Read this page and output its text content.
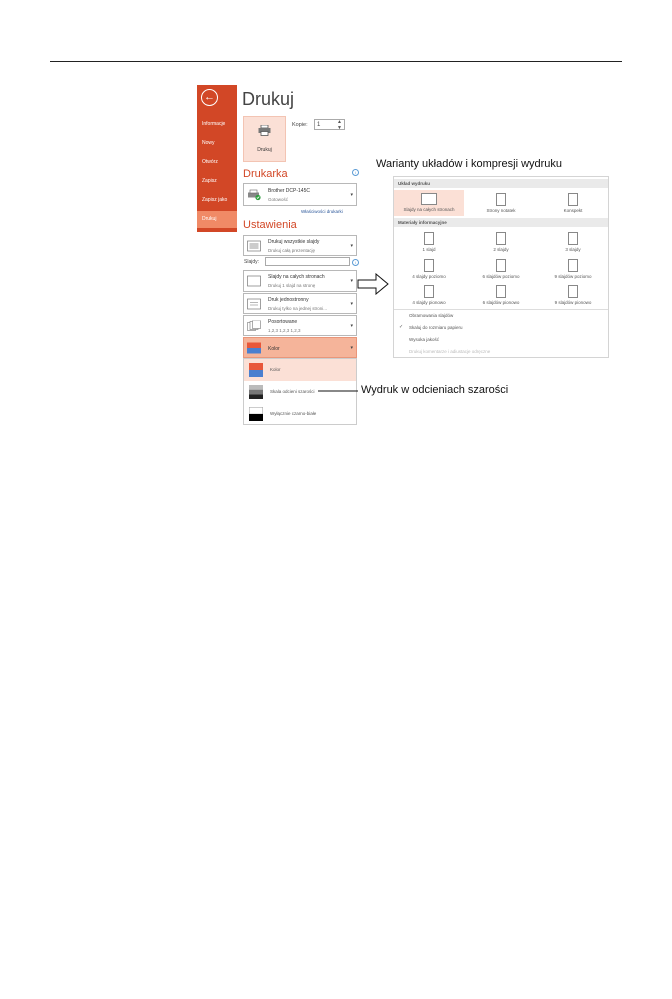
←
Informacje
Nowy
Otwórz
Zapisz
Zapisz jako
Drukuj
Drukuj
Drukuj
Kopie:	1	▲
▼
Drukarka	i
Brother DCP-145C
Gotowość
▾
Właściwości drukarki
Ustawienia
Drukuj wszystkie slajdy
Drukuj całą prezentację
▾
Slajdy:	i
Slajdy na całych stronach
Drukuj 1 slajd na stronę
▾
Druk jednostronny
Drukuj tylko na jednej stroni...
▾
Posortowane
1,2,3 1,2,3 1,2,3
▾
Kolor	▾
Kolor
Skala odcieni szarości
Wyłącznie czarno-białe
Wydruk w odcieniach szarości
Warianty układów i kompresji wydruku
Układ wydruku
Slajdy na całych stronach	Strony notatek	Konspekt
Materiały informacyjne
1 slajd	2 slajdy	3 slajdy
4 slajdy poziomo	6 slajdów poziomo	9 slajdów poziomo
4 slajdy pionowo	6 slajdów pionowo	9 slajdów pionowo
Obramowania slajdów
✓ Skaluj do rozmiaru papieru
Wysoka jakość
Drukuj komentarze i adiustacje odręczne
